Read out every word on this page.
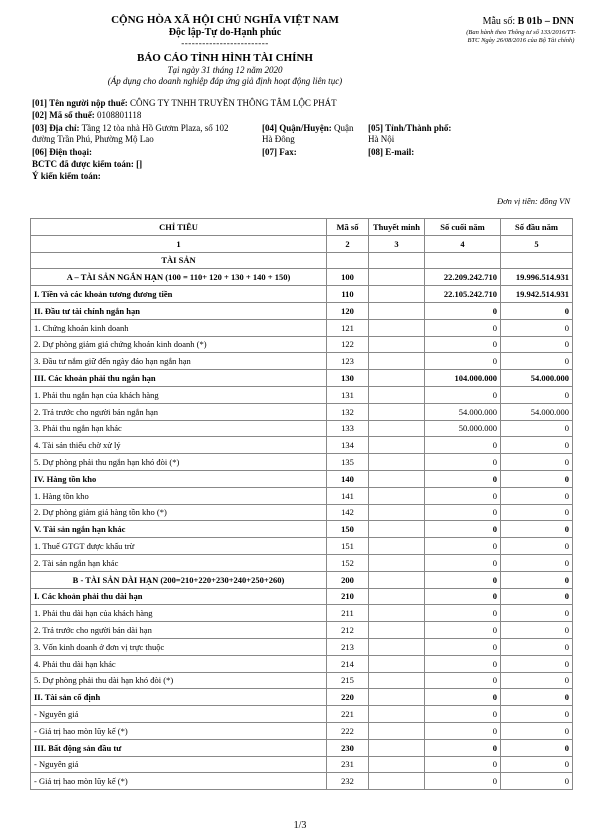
CỘNG HÒA XÃ HỘI CHỦ NGHĨA VIỆT NAM
Độc lập-Tự do-Hạnh phúc
-------------------------
Mẫu số: B 01b – DNN
(Ban hành theo Thông tư số 133/2016/TT-BTC Ngày 26/08/2016 của Bộ Tài chính)
BÁO CÁO TÌNH HÌNH TÀI CHÍNH
Tại ngày 31 tháng 12 năm 2020
(Áp dụng cho doanh nghiệp đáp ứng giả định hoạt động liên tục)
[01] Tên người nộp thuế: CÔNG TY TNHH TRUYỀN THÔNG TÂM LỘC PHÁT
[02] Mã số thuế: 0108801118
[03] Địa chỉ: Tầng 12 tòa nhà Hồ Gươm Plaza, số 102
đường Trần Phú, Phường Mộ Lao
[04] Quận/Huyện: Quận
Hà Đông
[05] Tỉnh/Thành phố:
Hà Nội
[06] Điện thoại:	[07] Fax:	[08] E-mail:
BCTC đã được kiểm toán: []
Ý kiến kiểm toán:
Đơn vị tiền: đồng VN
CHỈ TIÊU	Mã số	Thuyết minh	Số cuối năm	Số đầu năm
1	2	3	4	5
TÀI SẢN				
A – TÀI SẢN NGẮN HẠN (100 = 110+ 120 + 130 + 140 + 150)	100		22.209.242.710	19.996.514.931
I. Tiền và các khoản tương đương tiền	110		22.105.242.710	19.942.514.931
II. Đầu tư tài chính ngắn hạn	120		0	0
1. Chứng khoán kinh doanh	121		0	0
2. Dự phòng giảm giá chứng khoán kinh doanh (*)	122		0	0
3. Đầu tư nắm giữ đến ngày đáo hạn ngắn hạn	123		0	0
III. Các khoản phải thu ngắn hạn	130		104.000.000	54.000.000
1. Phải thu ngắn hạn của khách hàng	131		0	0
2. Trả trước cho người bán ngắn hạn	132		54.000.000	54.000.000
3. Phải thu ngắn hạn khác	133		50.000.000	0
4. Tài sản thiếu chờ xử lý	134		0	0
5. Dự phòng phải thu ngắn hạn khó đòi (*)	135		0	0
IV. Hàng tồn kho	140		0	0
1. Hàng tồn kho	141		0	0
2. Dự phòng giảm giá hàng tồn kho (*)	142		0	0
V. Tài sản ngắn hạn khác	150		0	0
1. Thuế GTGT được khấu trừ	151		0	0
2. Tài sản ngắn hạn khác	152		0	0
B - TÀI SẢN DÀI HẠN (200=210+220+230+240+250+260)	200		0	0
I. Các khoản phải thu dài hạn	210		0	0
1. Phải thu dài hạn của khách hàng	211		0	0
2. Trả trước cho người bán dài hạn	212		0	0
3. Vốn kinh doanh ở đơn vị trực thuộc	213		0	0
4. Phải thu dài hạn khác	214		0	0
5. Dự phòng phải thu dài hạn khó đòi (*)	215		0	0
II. Tài sản cố định	220		0	0
- Nguyên giá	221		0	0
- Giá trị hao mòn lũy kế (*)	222		0	0
III. Bất động sản đầu tư	230		0	0
- Nguyên giá	231		0	0
- Giá trị hao mòn lũy kế (*)	232		0	0
1/3
